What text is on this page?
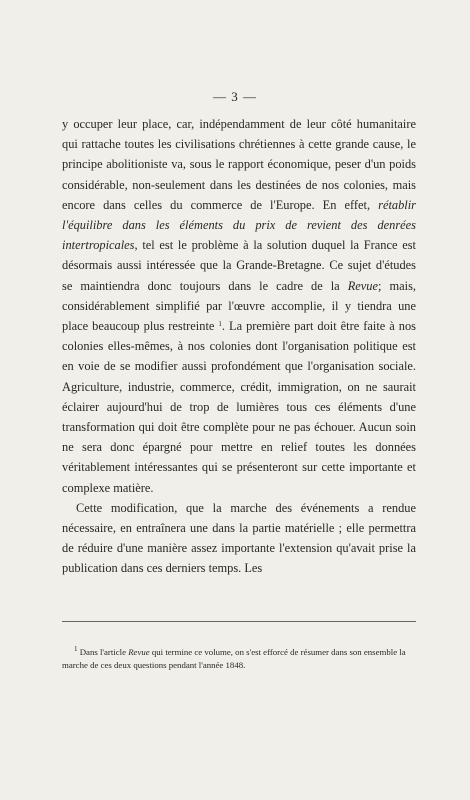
— 3 —

y occuper leur place, car, indépendamment de leur côté humanitaire qui rattache toutes les civilisations chrétiennes à cette grande cause, le principe abolitioniste va, sous le rapport économique, peser d'un poids considérable, non-seulement dans les destinées de nos colonies, mais encore dans celles du commerce de l'Europe. En effet, rétablir l'équilibre dans les éléments du prix de revient des denrées intertropicales, tel est le problème à la solution duquel la France est désormais aussi intéressée que la Grande-Bretagne. Ce sujet d'études se maintiendra donc toujours dans le cadre de la Revue; mais, considérablement simplifié par l'œuvre accomplie, il y tiendra une place beaucoup plus restreinte $^1$. La première part doit être faite à nos colonies elles-mêmes, à nos colonies dont l'organisation politique est en voie de se modifier aussi profondément que l'organisation sociale. Agriculture, industrie, commerce, crédit, immigration, on ne saurait éclairer aujourd'hui de trop de lumières tous ces éléments d'une transformation qui doit être complète pour ne pas échouer. Aucun soin ne sera donc épargné pour mettre en relief toutes les données véritablement intéressantes qui se présenteront sur cette importante et complexe matière.

Cette modification, que la marche des événements a rendue nécessaire, en entraînera une dans la partie matérielle ; elle permettra de réduire d'une manière assez importante l'extension qu'avait prise la publication dans ces derniers temps. Les

$^1$ Dans l'article Revue qui termine ce volume, on s'est efforcé de résumer dans son ensemble la marche de ces deux questions pendant l'année 1848.
